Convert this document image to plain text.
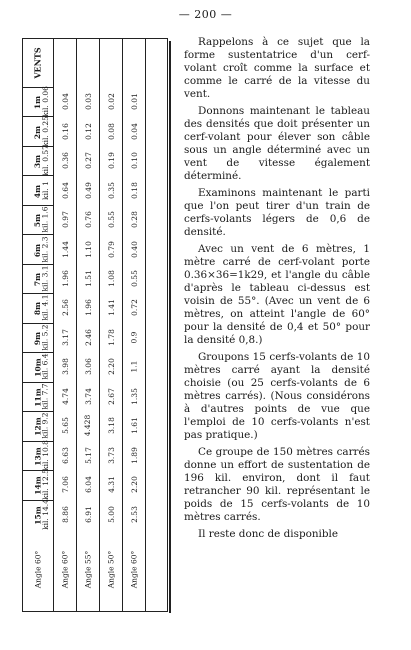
— 200 —
VENTS
Angle 60°
1m
2m
3m
4m
5m
6m
7m
8m
9m
10m
11m
12m
13m
14m
15m
kil. 0.06
kil. 0.25
kil. 0.57
kil. 1
kil. 1.6
kil. 2.3
kil. 3.1
kil. 4.1
kil. 5.2
kil. 6.4
kil. 7.7
kil. 9.2
kil. 10.8
kil. 12.5
kil. 14.4
Angle 60°
0.04
0.16
0.36
0.64
0.97
1.44
1.96
2.56
3.17
3.98
4.74
5.65
6.63
7.06
8.86
Angle 55°
0.03
0.12
0.27
0.49
0.76
1.10
1.51
1.96
2.46
3.06
3.74
4.428
5.17
6.04
6.91
Angle 50°
0.02
0.08
0.19
0.35
0.55
0.79
1.08
1.41
1.78
2.20
2.67
3.18
3.73
4.31
5.00
Angle 60°
0.01
0.04
0.10
0.18
0.28
0.40
0.55
0.72
0.9
1.1
1.35
1.61
1.89
2.20
2.53

Rappelons à ce sujet que la forme sustentatrice d'un cerf-volant croît comme la surface et comme le carré de la vitesse du vent.

Donnons maintenant le tableau des densités que doit présenter un cerf-volant pour élever son câble sous un angle déterminé avec un vent de vitesse également déterminé.

Examinons maintenant le parti que l'on peut tirer d'un train de cerfs-volants légers de 0,6 de densité.

Avec un vent de 6 mètres, 1 mètre carré de cerf-volant porte 0.36×36=1k29, et l'angle du câble d'après le tableau ci-dessus est voisin de 55°. (Avec un vent de 6 mètres, on atteint l'angle de 60° pour la densité de 0,4 et 50° pour la densité 0,8.)

Groupons 15 cerfs-volants de 10 mètres carré ayant la densité choisie (ou 25 cerfs-volants de 6 mètres carrés). (Nous considérons à d'autres points de vue que l'emploi de 10 cerfs-volants n'est pas pratique.)

Ce groupe de 150 mètres carrés donne un effort de sustentation de 196 kil. environ, dont il faut retrancher 90 kil. représentant le poids de 15 cerfs-volants de 10 mètres carrés.

Il reste donc de disponible
